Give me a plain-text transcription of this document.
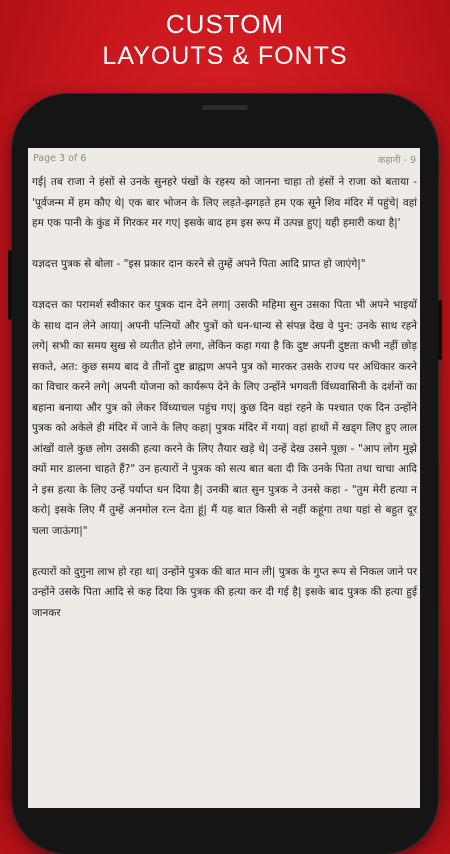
CUSTOM
LAYOUTS & FONTS
Page 3 of 6	कहानी - 9

गई| तब राजा ने हंसों से उनके सुनहरे पंखों के रहस्य को जानना चाहा तो हंसों ने राजा को बताया - 'पूर्वजन्म में हम कौए थे| एक बार भोजन के लिए लड़ते-झगड़ते हम एक सूने शिव मंदिर में पहुंचे| वहां हम एक पानी के कुंड में गिरकर मर गए| इसके बाद हम इस रूप में उत्पन्न हुए| यही हमारी कथा है|'

यज्ञदत्त पुत्रक से बोला - "इस प्रकार दान करने से तुम्हें अपने पिता आदि प्राप्त हो जाएंगे|"

यज्ञदत्त का परामर्श स्वीकार कर पुत्रक दान देने लगा| उसकी महिमा सुन उसका पिता भी अपने भाइयों के साथ दान लेने आया| अपनी पत्नियों और पुत्रों को धन-धान्य से संपन्न देख वे पुन: उनके साथ रहने लगे| सभी का समय सुख से व्यतीत होने लगा, लेकिन कहा गया है कि दुष्ट अपनी दुष्टता कभी नहीं छोड़ सकते, अत: कुछ समय बाद वे तीनों दुष्ट ब्राह्मण अपने पुत्र को मारकर उसके राज्य पर अधिकार करने का विचार करने लगे| अपनी योजना को कार्यरूप देने के लिए उन्होंने भगवती विंध्यवासिनी के दर्शनों का बहाना बनाया और पुत्र को लेकर विंध्याचल पहुंच गए| कुछ दिन वहां रहने के पश्चात एक दिन उन्होंने पुत्रक को अकेले ही मंदिर में जाने के लिए कहा| पुत्रक मंदिर में गया| वहां हाथों में खड्ग लिए हुए लाल आंखों वाले कुछ लोग उसकी हत्या करने के लिए तैयार खड़े थे| उन्हें देख उसने पूछा - "आप लोग मुझे क्यों मार डालना चाहते हैं?" उन हत्यारों ने पुत्रक को सत्य बात बता दी कि उनके पिता तथा चाचा आदि ने इस हत्या के लिए उन्हें पर्याप्त धन दिया है| उनकी बात सुन पुत्रक ने उनसे कहा - "तुम मेरी हत्या न करो| इसके लिए मैं तुम्हें अनमोल रत्न देता हूं| मैं यह बात किसी से नहीं कहूंगा तथा यहां से बहुत दूर चला जाऊंगा|"

हत्यारों को दुगुना लाभ हो रहा था| उन्होंने पुत्रक की बात मान ली| पुत्रक के गुप्त रूप से निकल जाने पर उन्होंने उसके पिता आदि से कह दिया कि पुत्रक की हत्या कर दी गई है| इसके बाद पुत्रक की हत्या हुई जानकर
